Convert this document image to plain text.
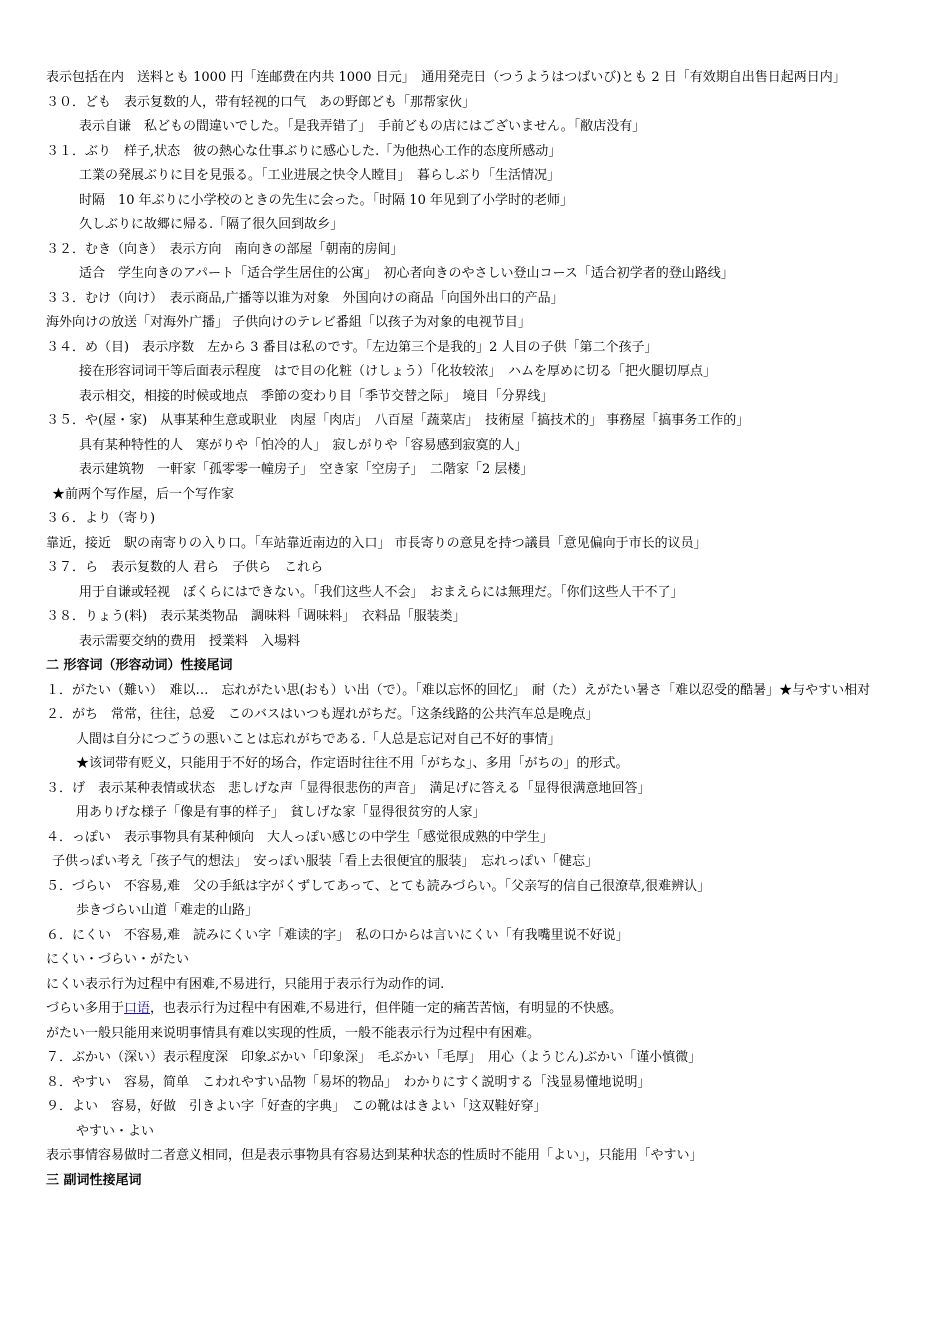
表示包括在内　送料とも 1000 円「连邮费在内共 1000 日元」　通用発売日（つうようはつばいび)とも 2 日「有效期自出售日起两日内」
３０．ども　表示复数的人，带有轻视的口气　あの野郎ども「那帮家伙」
表示自谦　私どもの間違いでした。「是我弄错了」　手前どもの店にはございません。「敝店没有」
３１．ぶり　样子,状态　彼の熱心な仕事ぶりに感心した.「为他热心工作的态度所感动」
工業の発展ぶりに目を見張る。「工业进展之快令人瞠目」　暮らしぶり「生活情况」
时隔　10 年ぶりに小学校のときの先生に会った。「时隔 10 年见到了小学时的老师」
久しぶりに故郷に帰る.「隔了很久回到故乡」
３２．むき（向き）　表示方向　南向きの部屋「朝南的房间」
适合　学生向きのアパート「适合学生居住的公寓」　初心者向きのやさしい登山コース「适合初学者的登山路线」
３３．むけ（向け）　表示商品,广播等以谁为对象　外国向けの商品「向国外出口的产品」
海外向けの放送「对海外广播」 子供向けのテレビ番組「以孩子为对象的电视节目」
３４．め（目)　表示序数　左から 3 番目は私のです。「左边第三个是我的」2 人目の子供「第二个孩子」
接在形容词词干等后面表示程度　はで目の化粧（けしょう）「化妆较浓」　ハムを厚めに切る「把火腿切厚点」
表示相交，相接的时候或地点　季節の変わり目「季节交替之际」　境目「分界线」
３５．や(屋・家)　从事某种生意或职业　肉屋「肉店」　八百屋「蔬菜店」　技術屋「搞技术的」 事務屋「搞事务工作的」
具有某种特性的人　寒がりや「怕冷的人」　寂しがりや「容易感到寂寞的人」
表示建筑物　一軒家「孤零零一幢房子」　空き家「空房子」　二階家「2 层楼」
★前两个写作屋，后一个写作家
３６．より（寄り)
靠近，接近　駅の南寄りの入り口。「车站靠近南边的入口」 市長寄りの意見を持つ議員「意见偏向于市长的议员」
３７．ら　表示复数的人 君ら　子供ら　これら
用于自谦或轻视　ぼくらにはできない。「我们这些人不会」　おまえらには無理だ。「你们这些人干不了」
３８．りょう(料)　表示某类物品　調味料「调味料」　衣料品「服装类」
表示需要交纳的费用　授業料　入場料
二 形容词（形容动词）性接尾词
１．がたい（難い）　难以…　忘れがたい思(おも）い出（で）。「难以忘怀的回忆」　耐（た）えがたい暑さ「难以忍受的酷暑」★与やすい相对
２．がち　常常，往往，总爱　このバスはいつも遅れがちだ。「这条线路的公共汽车总是晚点」
人間は自分につごうの悪いことは忘れがちである.「人总是忘记对自己不好的事情」
★该词带有贬义，只能用于不好的场合，作定语时往往不用「がちな」、多用「がちの」的形式。
３．げ　表示某种表情或状态　悲しげな声「显得很悲伤的声音」　満足げに答える「显得很满意地回答」
用ありげな様子「像是有事的样子」　貧しげな家「显得很贫穷的人家」
４．っぽい　表示事物具有某种倾向　大人っぽい感じの中学生「感觉很成熟的中学生」
子供っぽい考え「孩子气的想法」　安っぽい服装「看上去很便宜的服装」　忘れっぽい「健忘」
５．づらい　不容易,难　父の手紙は字がくずしてあって、とても読みづらい。「父亲写的信自己很潦草,很难辨认」
歩きづらい山道「难走的山路」
６．にくい　不容易,难　読みにくい字「难读的字」　私の口からは言いにくい「有我嘴里说不好说」
にくい・づらい・がたい
にくい表示行为过程中有困难,不易进行，只能用于表示行为动作的词.
づらい多用于口语，也表示行为过程中有困难,不易进行，但伴随一定的痛苦苦恼，有明显的不快感。
がたい一般只能用来说明事情具有难以实现的性质，一般不能表示行为过程中有困难。
７．ぶかい（深い）表示程度深　印象ぶかい「印象深」　毛ぶかい「毛厚」　用心（ようじん)ぶかい「谨小慎微」
８．やすい　容易，简单　こわれやすい品物「易坏的物品」　わかりにすく説明する「浅显易懂地说明」
９．よい　容易，好做　引きよい字「好查的字典」　この靴ははきよい「这双鞋好穿」
やすい・よい
表示事情容易做时二者意义相同，但是表示事物具有容易达到某种状态的性质时不能用「よい」，只能用「やすい」
三 副词性接尾词
